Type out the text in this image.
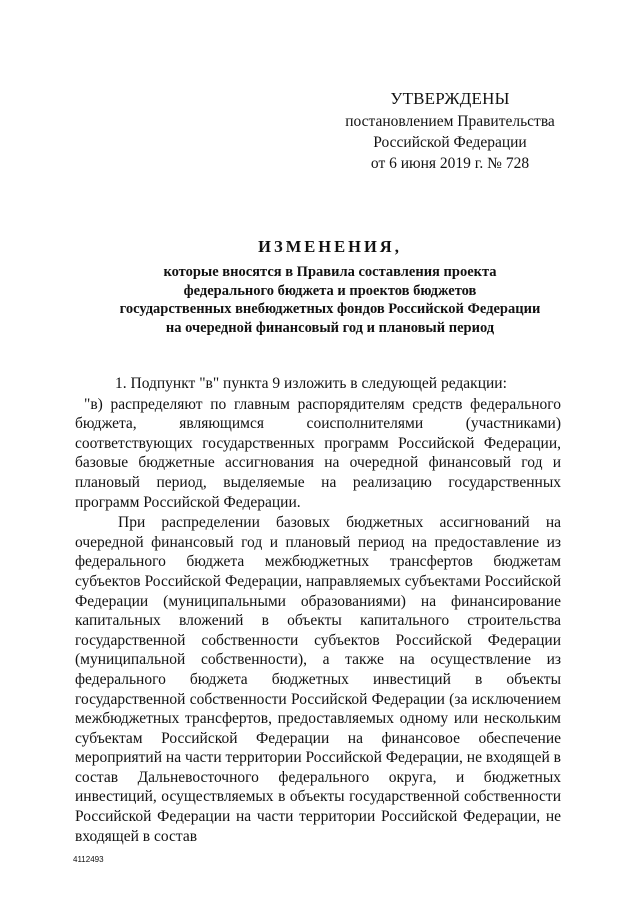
УТВЕРЖДЕНЫ
постановлением Правительства
Российской Федерации
от 6 июня 2019 г. № 728
ИЗМЕНЕНИЯ,
которые вносятся в Правила составления проекта
федерального бюджета и проектов бюджетов
государственных внебюджетных фондов Российской Федерации
на очередной финансовый год и плановый период

1. Подпункт "в" пункта 9 изложить в следующей редакции:

"в) распределяют по главным распорядителям средств федерального бюджета, являющимся соисполнителями (участниками) соответствующих государственных программ Российской Федерации, базовые бюджетные ассигнования на очередной финансовый год и плановый период, выделяемые на реализацию государственных программ Российской Федерации.

При распределении базовых бюджетных ассигнований на очередной финансовый год и плановый период на предоставление из федерального бюджета межбюджетных трансфертов бюджетам субъектов Российской Федерации, направляемых субъектами Российской Федерации (муниципальными образованиями) на финансирование капитальных вложений в объекты капитального строительства государственной собственности субъектов Российской Федерации (муниципальной собственности), а также на осуществление из федерального бюджета бюджетных инвестиций в объекты государственной собственности Российской Федерации (за исключением межбюджетных трансфертов, предоставляемых одному или нескольким субъектам Российской Федерации на финансовое обеспечение мероприятий на части территории Российской Федерации, не входящей в состав Дальневосточного федерального округа, и бюджетных инвестиций, осуществляемых в объекты государственной собственности Российской Федерации на части территории Российской Федерации, не входящей в состав

4112493
